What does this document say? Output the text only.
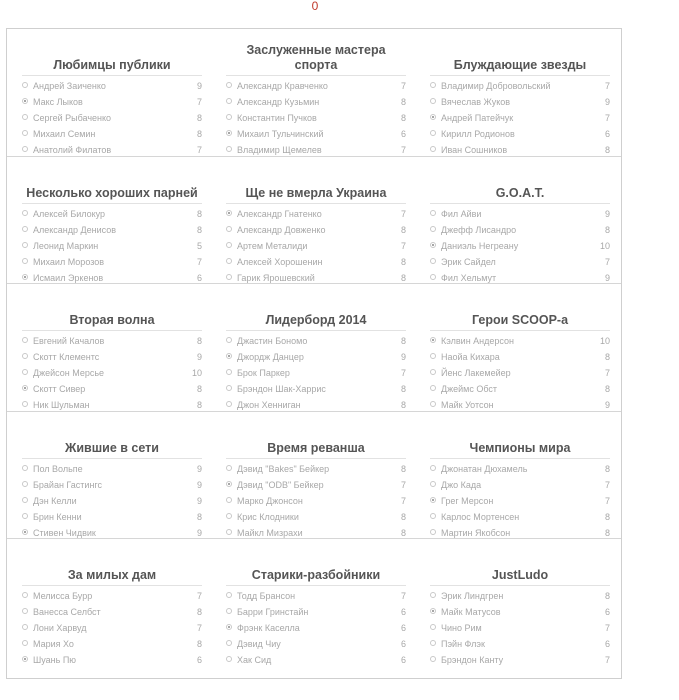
0
Любимцы публики
Андрей Заиченко	9
Макс Лыков	7
Сергей Рыбаченко	8
Михаил Семин	8
Анатолий Филатов	7
Заслуженные мастера спорта
Александр Кравченко	7
Александр Кузьмин	8
Константин Пучков	8
Михаил Тульчинский	6
Владимир Щемелев	7
Блуждающие звезды
Владимир Добровольский	7
Вячеслав Жуков	9
Андрей Патейчук	7
Кирилл Родионов	6
Иван Сошников	8
Несколько хороших парней
Алексей Билокур	8
Александр Денисов	8
Леонид Маркин	5
Михаил Морозов	7
Исмаил Эркенов	6
Ще не вмерла Украина
Александр Гнатенко	7
Александр Довженко	8
Артем Металиди	7
Алексей Хорошенин	8
Гарик Ярошевский	8
G.O.A.T.
Фил Айви	9
Джефф Лисандро	8
Даниэль Негреану	10
Эрик Сайдел	7
Фил Хельмут	9
Вторая волна
Евгений Качалов	8
Скотт Клементс	9
Джейсон Мерсье	10
Скотт Сивер	8
Ник Шульман	8
Лидерборд 2014
Джастин Бономо	8
Джордж Данцер	9
Брок Паркер	7
Брэндон Шак-Харрис	8
Джон Хенниган	8
Герои SCOOP-а
Кэлвин Андерсон	10
Наойа Кихара	8
Йенс Лакемейер	7
Джеймс Обст	8
Майк Уотсон	9
Жившие в сети
Пол Вольпе	9
Брайан Гастингс	9
Дэн Келли	9
Брин Кенни	8
Стивен Чидвик	9
Время реванша
Дэвид "Bakes" Бейкер	8
Дэвид "ODB" Бейкер	7
Марко Джонсон	7
Крис Клодники	8
Майкл Мизрахи	8
Чемпионы мира
Джонатан Дюхамель	8
Джо Када	7
Грег Мерсон	7
Карлос Мортенсен	8
Мартин Якобсон	8
За милых дам
Мелисса Бурр	7
Ванесса Селбст	8
Лони Харвуд	7
Мария Хо	8
Шуань Пю	6
Старики-разбойники
Тодд Брансон	7
Барри Гринстайн	6
Фрэнк Каселла	6
Дэвид Чиу	6
Хак Сид	6
JustLudo
Эрик Линдгрен	8
Майк Матусов	6
Чино Рим	7
Пэйн Флэк	6
Брэндон Канту	7
